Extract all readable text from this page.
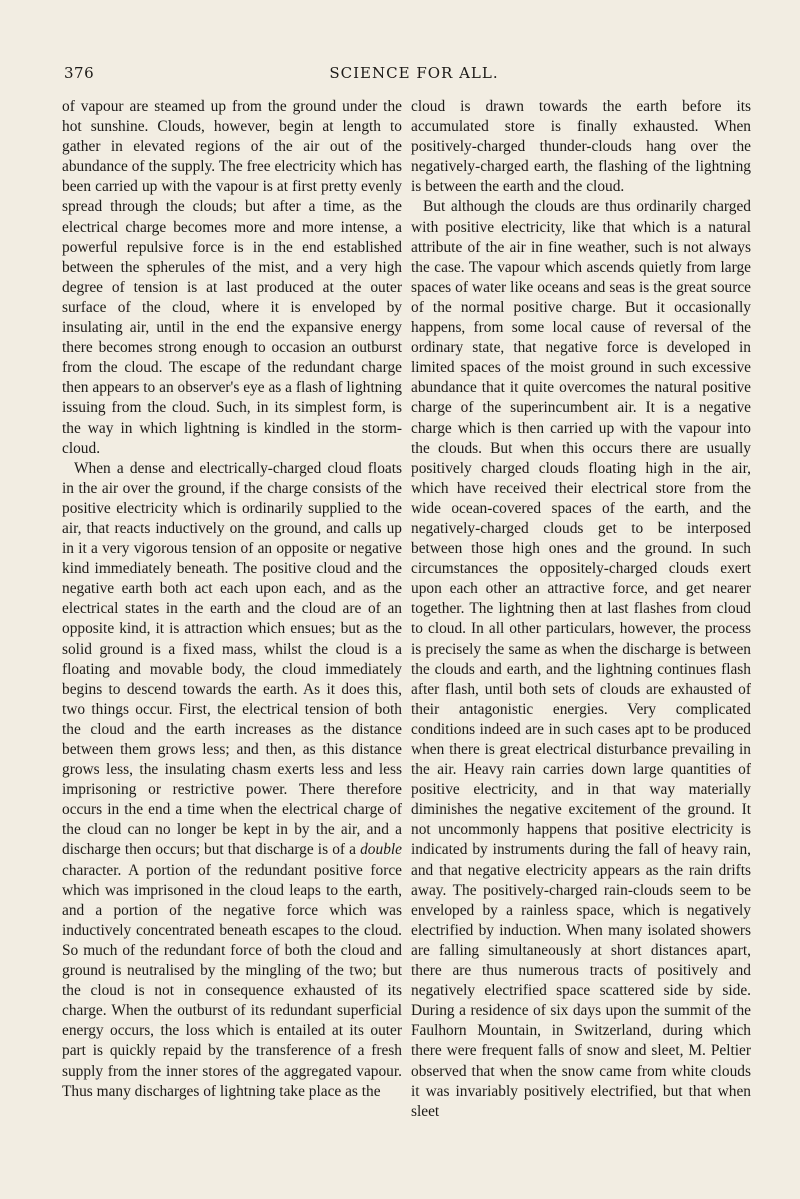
376	SCIENCE FOR ALL.

of vapour are steamed up from the ground under the hot sunshine. Clouds, however, begin at length to gather in elevated regions of the air out of the abundance of the supply. The free electricity which has been carried up with the vapour is at first pretty evenly spread through the clouds; but after a time, as the electrical charge becomes more and more intense, a powerful repulsive force is in the end established between the spherules of the mist, and a very high degree of tension is at last produced at the outer surface of the cloud, where it is enveloped by insulating air, until in the end the expansive energy there becomes strong enough to occasion an outburst from the cloud. The escape of the redundant charge then appears to an observer's eye as a flash of lightning issuing from the cloud. Such, in its simplest form, is the way in which lightning is kindled in the storm-cloud.

When a dense and electrically-charged cloud floats in the air over the ground, if the charge consists of the positive electricity which is ordinarily supplied to the air, that reacts inductively on the ground, and calls up in it a very vigorous tension of an opposite or negative kind immediately beneath. The positive cloud and the negative earth both act each upon each, and as the electrical states in the earth and the cloud are of an opposite kind, it is attraction which ensues; but as the solid ground is a fixed mass, whilst the cloud is a floating and movable body, the cloud immediately begins to descend towards the earth. As it does this, two things occur. First, the electrical tension of both the cloud and the earth increases as the distance between them grows less; and then, as this distance grows less, the insulating chasm exerts less and less imprisoning or restrictive power. There therefore occurs in the end a time when the electrical charge of the cloud can no longer be kept in by the air, and a discharge then occurs; but that discharge is of a double character. A portion of the redundant positive force which was imprisoned in the cloud leaps to the earth, and a portion of the negative force which was inductively concentrated beneath escapes to the cloud. So much of the redundant force of both the cloud and ground is neutralised by the mingling of the two; but the cloud is not in consequence exhausted of its charge. When the outburst of its redundant superficial energy occurs, the loss which is entailed at its outer part is quickly repaid by the transference of a fresh supply from the inner stores of the aggregated vapour. Thus many discharges of lightning take place as the

cloud is drawn towards the earth before its accumulated store is finally exhausted. When positively-charged thunder-clouds hang over the negatively-charged earth, the flashing of the lightning is between the earth and the cloud.

But although the clouds are thus ordinarily charged with positive electricity, like that which is a natural attribute of the air in fine weather, such is not always the case. The vapour which ascends quietly from large spaces of water like oceans and seas is the great source of the normal positive charge. But it occasionally happens, from some local cause of reversal of the ordinary state, that negative force is developed in limited spaces of the moist ground in such excessive abundance that it quite overcomes the natural positive charge of the superincumbent air. It is a negative charge which is then carried up with the vapour into the clouds. But when this occurs there are usually positively charged clouds floating high in the air, which have received their electrical store from the wide ocean-covered spaces of the earth, and the negatively-charged clouds get to be interposed between those high ones and the ground. In such circumstances the oppositely-charged clouds exert upon each other an attractive force, and get nearer together. The lightning then at last flashes from cloud to cloud. In all other particulars, however, the process is precisely the same as when the discharge is between the clouds and earth, and the lightning continues flash after flash, until both sets of clouds are exhausted of their antagonistic energies. Very complicated conditions indeed are in such cases apt to be produced when there is great electrical disturbance prevailing in the air. Heavy rain carries down large quantities of positive electricity, and in that way materially diminishes the negative excitement of the ground. It not uncommonly happens that positive electricity is indicated by instruments during the fall of heavy rain, and that negative electricity appears as the rain drifts away. The positively-charged rain-clouds seem to be enveloped by a rainless space, which is negatively electrified by induction. When many isolated showers are falling simultaneously at short distances apart, there are thus numerous tracts of positively and negatively electrified space scattered side by side. During a residence of six days upon the summit of the Faulhorn Mountain, in Switzerland, during which there were frequent falls of snow and sleet, M. Peltier observed that when the snow came from white clouds it was invariably positively electrified, but that when sleet
